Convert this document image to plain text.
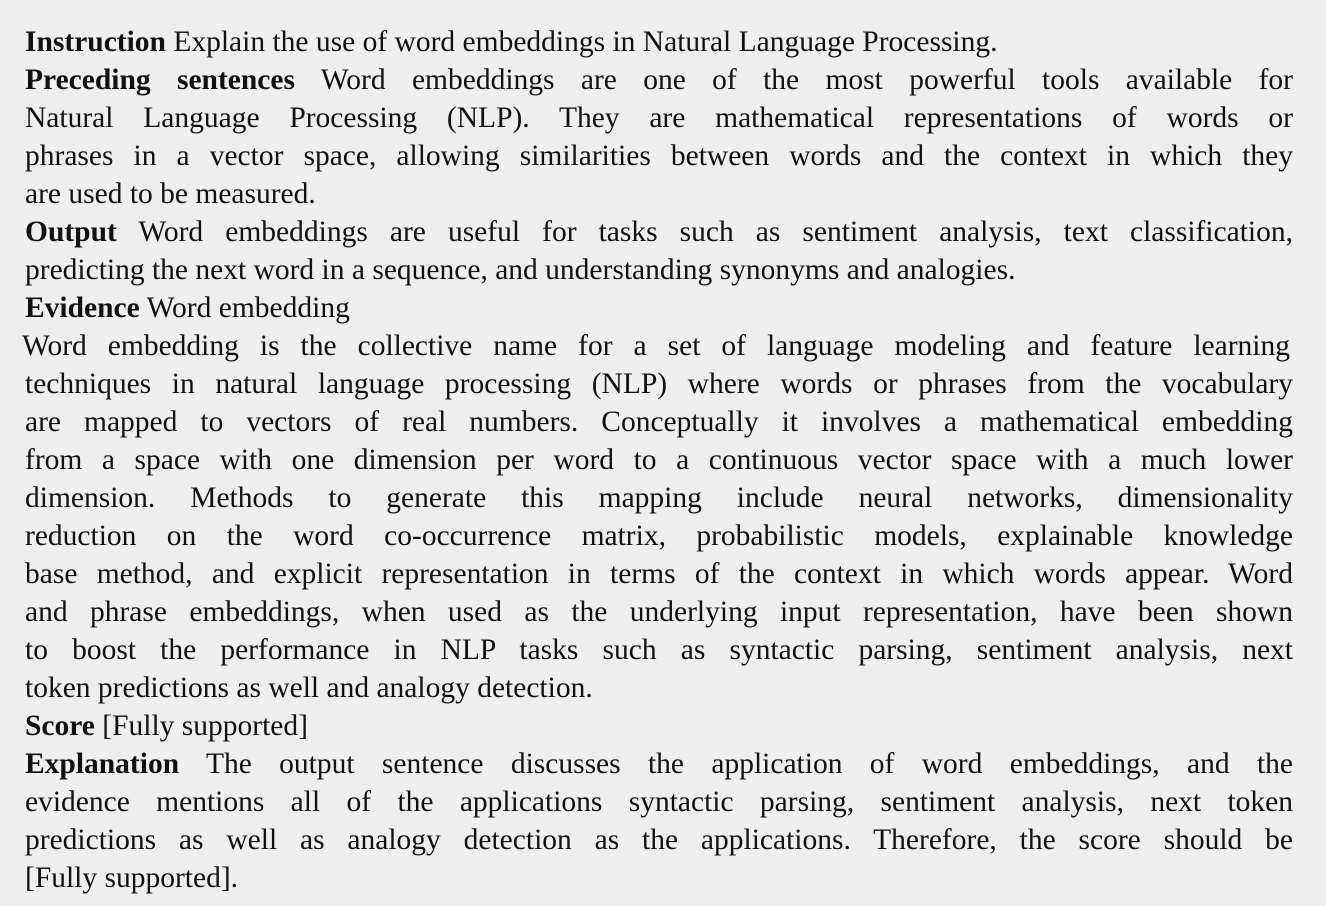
Instruction Explain the use of word embeddings in Natural Language Processing.
Preceding sentences Word embeddings are one of the most powerful tools available for
Natural Language Processing (NLP). They are mathematical representations of words or
phrases in a vector space, allowing similarities between words and the context in which they
are used to be measured.
Output Word embeddings are useful for tasks such as sentiment analysis, text classification,
predicting the next word in a sequence, and understanding synonyms and analogies.
Evidence Word embedding
Word embedding is the collective name for a set of language modeling and feature learning
techniques in natural language processing (NLP) where words or phrases from the vocabulary
are mapped to vectors of real numbers. Conceptually it involves a mathematical embedding
from a space with one dimension per word to a continuous vector space with a much lower
dimension. Methods to generate this mapping include neural networks, dimensionality
reduction on the word co-occurrence matrix, probabilistic models, explainable knowledge
base method, and explicit representation in terms of the context in which words appear. Word
and phrase embeddings, when used as the underlying input representation, have been shown
to boost the performance in NLP tasks such as syntactic parsing, sentiment analysis, next
token predictions as well and analogy detection.
Score [Fully supported]
Explanation The output sentence discusses the application of word embeddings, and the
evidence mentions all of the applications syntactic parsing, sentiment analysis, next token
predictions as well as analogy detection as the applications. Therefore, the score should be
[Fully supported].
